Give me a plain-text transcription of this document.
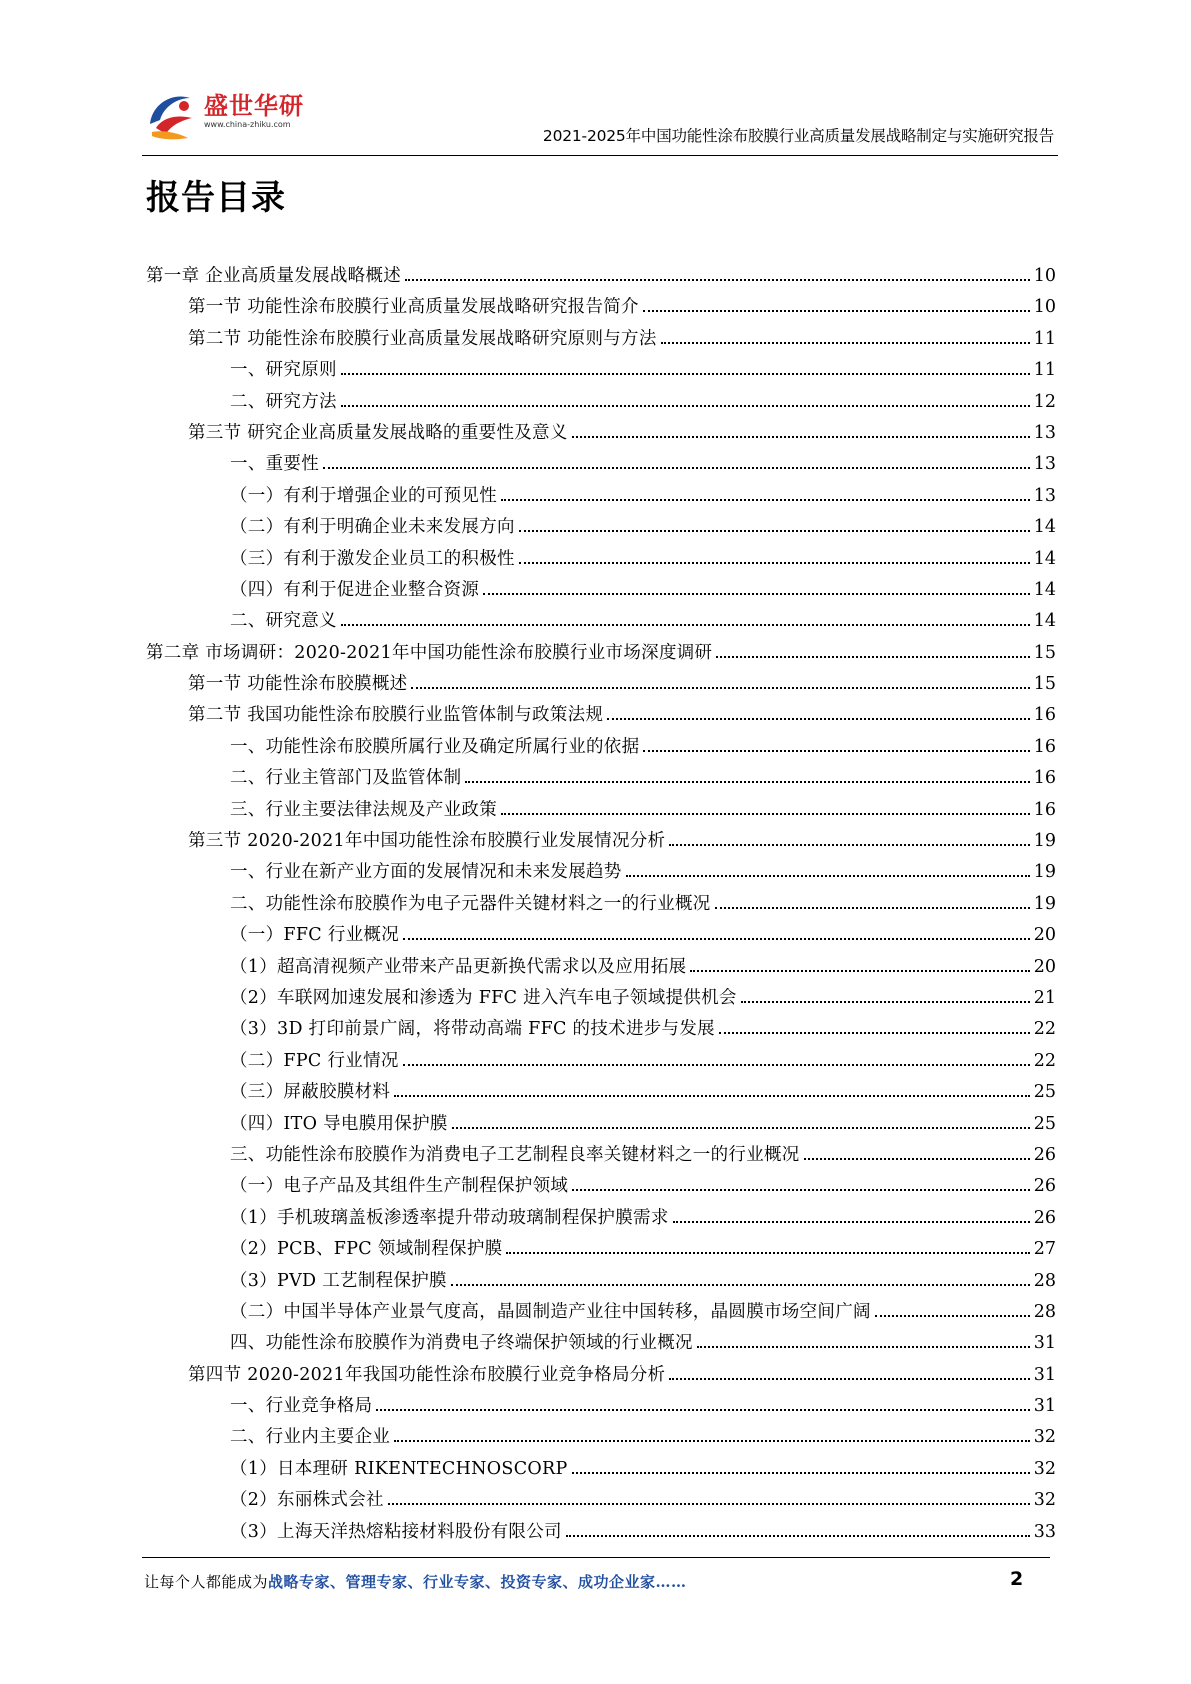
盛世华研
www.china-zhiku.com
2021-2025年中国功能性涂布胶膜行业高质量发展战略制定与实施研究报告
报告目录
第一章 企业高质量发展战略概述	10
第一节 功能性涂布胶膜行业高质量发展战略研究报告简介	10
第二节 功能性涂布胶膜行业高质量发展战略研究原则与方法	11
一、研究原则	11
二、研究方法	12
第三节 研究企业高质量发展战略的重要性及意义	13
一、重要性	13
（一）有利于增强企业的可预见性	13
（二）有利于明确企业未来发展方向	14
（三）有利于激发企业员工的积极性	14
（四）有利于促进企业整合资源	14
二、研究意义	14
第二章 市场调研：2020-2021年中国功能性涂布胶膜行业市场深度调研	15
第一节 功能性涂布胶膜概述	15
第二节 我国功能性涂布胶膜行业监管体制与政策法规	16
一、功能性涂布胶膜所属行业及确定所属行业的依据	16
二、行业主管部门及监管体制	16
三、行业主要法律法规及产业政策	16
第三节 2020-2021年中国功能性涂布胶膜行业发展情况分析	19
一、行业在新产业方面的发展情况和未来发展趋势	19
二、功能性涂布胶膜作为电子元器件关键材料之一的行业概况	19
（一）FFC 行业概况	20
（1）超高清视频产业带来产品更新换代需求以及应用拓展	20
（2）车联网加速发展和渗透为 FFC 进入汽车电子领域提供机会	21
（3）3D 打印前景广阔，将带动高端 FFC 的技术进步与发展	22
（二）FPC 行业情况	22
（三）屏蔽胶膜材料	25
（四）ITO 导电膜用保护膜	25
三、功能性涂布胶膜作为消费电子工艺制程良率关键材料之一的行业概况	26
（一）电子产品及其组件生产制程保护领域	26
（1）手机玻璃盖板渗透率提升带动玻璃制程保护膜需求	26
（2）PCB、FPC 领域制程保护膜	27
（3）PVD 工艺制程保护膜	28
（二）中国半导体产业景气度高，晶圆制造产业往中国转移，晶圆膜市场空间广阔	28
四、功能性涂布胶膜作为消费电子终端保护领域的行业概况	31
第四节 2020-2021年我国功能性涂布胶膜行业竞争格局分析	31
一、行业竞争格局	31
二、行业内主要企业	32
（1）日本理研 RIKENTECHNOSCORP	32
（2）东丽株式会社	32
（3）上海天洋热熔粘接材料股份有限公司	33
让每个人都能成为战略专家、管理专家、行业专家、投资专家、成功企业家……	2
